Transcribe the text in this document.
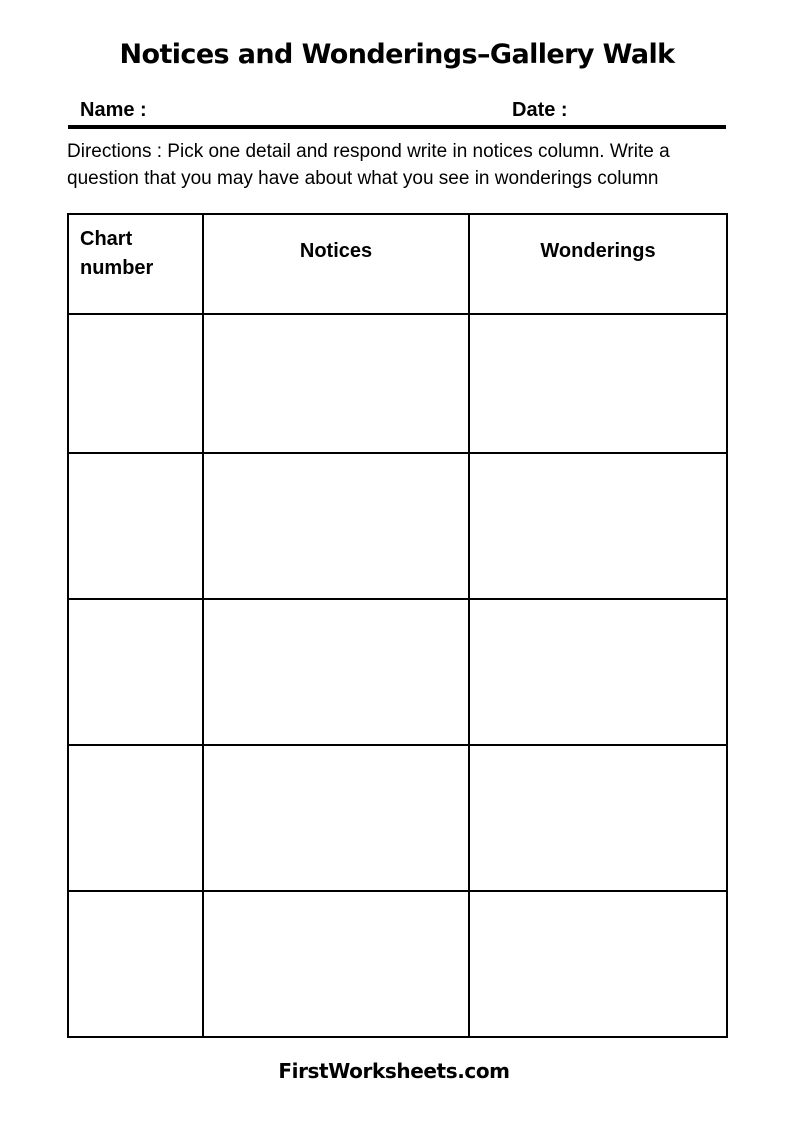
Notices and Wonderings–Gallery Walk
Name :	Date :
Directions : Pick one detail and respond write in notices column. Write a question that you may have about what you see in wonderings column
Chart number	Notices	Wonderings

FirstWorksheets.com
